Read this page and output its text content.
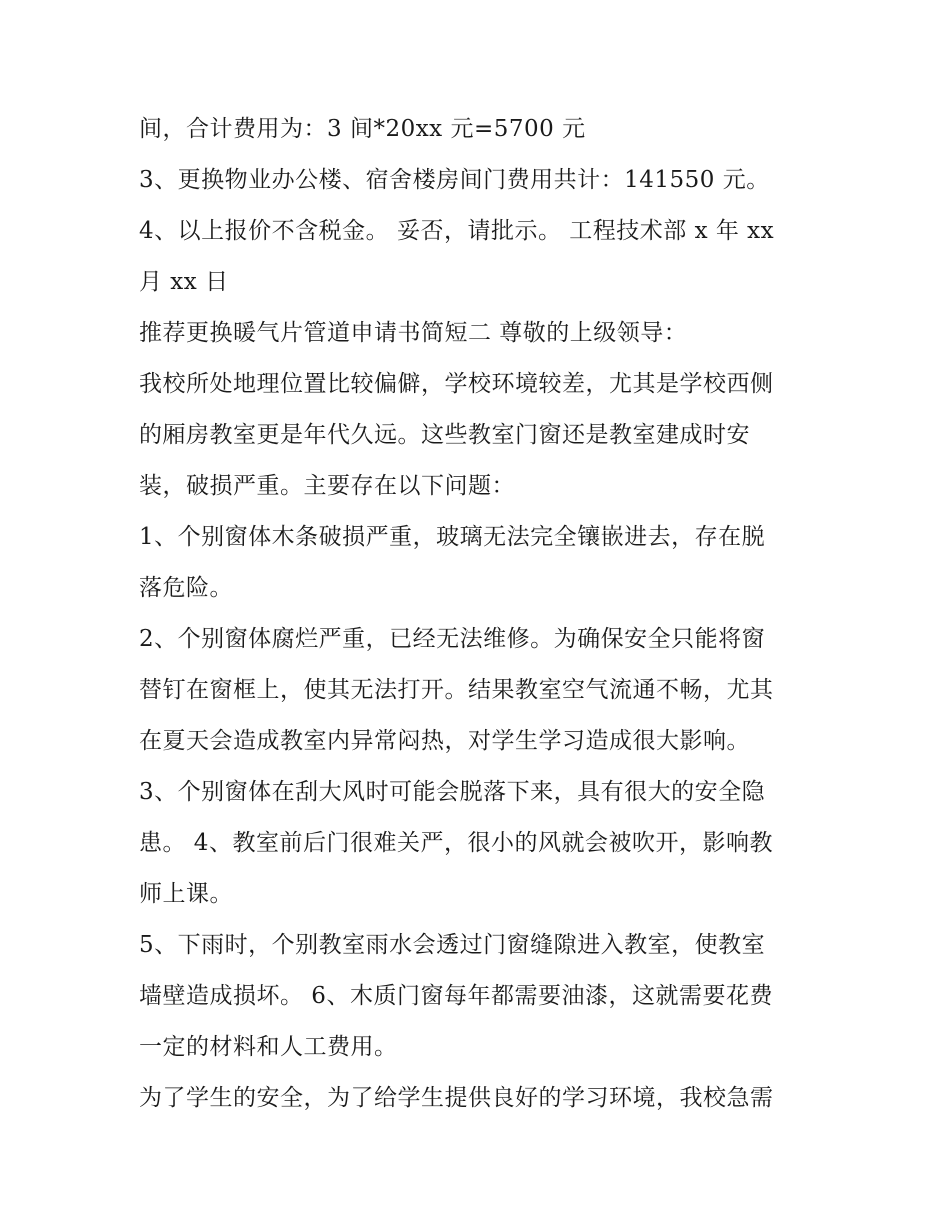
间，合计费用为：3 间*20xx 元=5700 元
3、更换物业办公楼、宿舍楼房间门费用共计：141550 元。
4、以上报价不含税金。 妥否，请批示。 工程技术部 x 年 xx
月 xx 日
推荐更换暖气片管道申请书简短二 尊敬的上级领导：
我校所处地理位置比较偏僻，学校环境较差，尤其是学校西侧
的厢房教室更是年代久远。这些教室门窗还是教室建成时安
装，破损严重。主要存在以下问题：
1、个别窗体木条破损严重，玻璃无法完全镶嵌进去，存在脱
落危险。
2、个别窗体腐烂严重，已经无法维修。为确保安全只能将窗
替钉在窗框上，使其无法打开。结果教室空气流通不畅，尤其
在夏天会造成教室内异常闷热，对学生学习造成很大影响。
3、个别窗体在刮大风时可能会脱落下来，具有很大的安全隐
患。 4、教室前后门很难关严，很小的风就会被吹开，影响教
师上课。
5、下雨时，个别教室雨水会透过门窗缝隙进入教室，使教室
墙壁造成损坏。 6、木质门窗每年都需要油漆，这就需要花费
一定的材料和人工费用。
为了学生的安全，为了给学生提供良好的学习环境，我校急需
